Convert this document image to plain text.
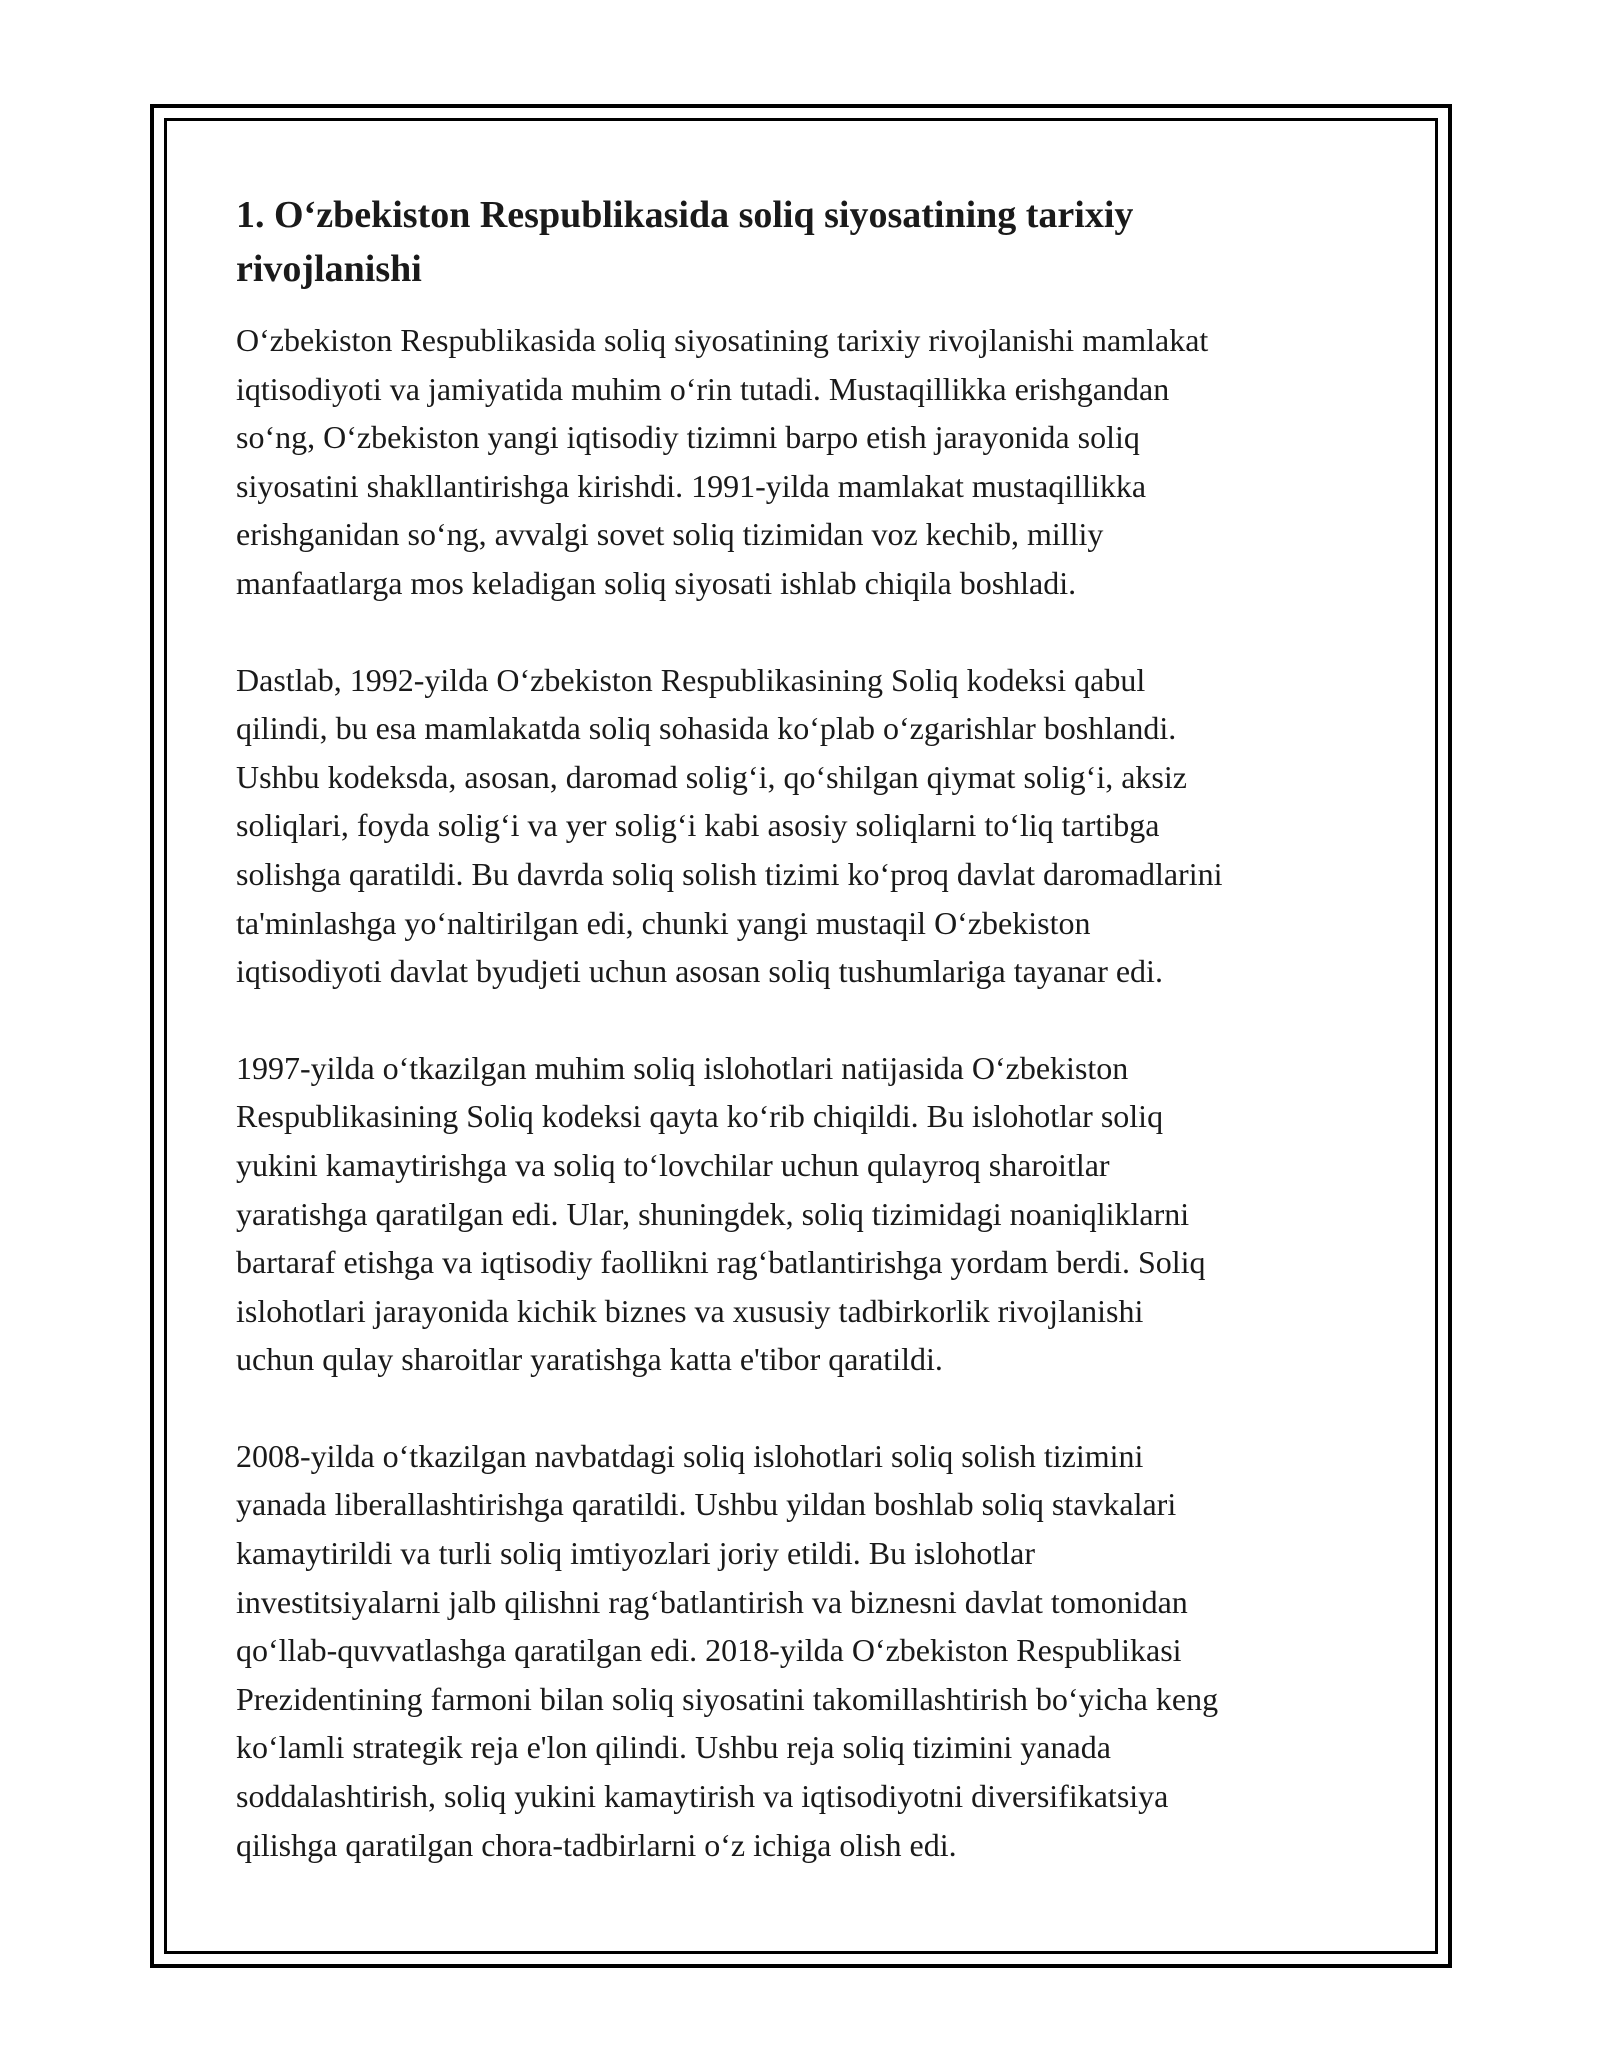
1. O‘zbekiston Respublikasida soliq siyosatining tarixiy
rivojlanishi

O‘zbekiston Respublikasida soliq siyosatining tarixiy rivojlanishi mamlakat
iqtisodiyoti va jamiyatida muhim o‘rin tutadi. Mustaqillikka erishgandan
so‘ng, O‘zbekiston yangi iqtisodiy tizimni barpo etish jarayonida soliq
siyosatini shakllantirishga kirishdi. 1991-yilda mamlakat mustaqillikka
erishganidan so‘ng, avvalgi sovet soliq tizimidan voz kechib, milliy
manfaatlarga mos keladigan soliq siyosati ishlab chiqila boshladi.

Dastlab, 1992-yilda O‘zbekiston Respublikasining Soliq kodeksi qabul
qilindi, bu esa mamlakatda soliq sohasida ko‘plab o‘zgarishlar boshlandi.
Ushbu kodeksda, asosan, daromad solig‘i, qo‘shilgan qiymat solig‘i, aksiz
soliqlari, foyda solig‘i va yer solig‘i kabi asosiy soliqlarni to‘liq tartibga
solishga qaratildi. Bu davrda soliq solish tizimi ko‘proq davlat daromadlarini
ta'minlashga yo‘naltirilgan edi, chunki yangi mustaqil O‘zbekiston
iqtisodiyoti davlat byudjeti uchun asosan soliq tushumlariga tayanar edi.

1997-yilda o‘tkazilgan muhim soliq islohotlari natijasida O‘zbekiston
Respublikasining Soliq kodeksi qayta ko‘rib chiqildi. Bu islohotlar soliq
yukini kamaytirishga va soliq to‘lovchilar uchun qulayroq sharoitlar
yaratishga qaratilgan edi. Ular, shuningdek, soliq tizimidagi noaniqliklarni
bartaraf etishga va iqtisodiy faollikni rag‘batlantirishga yordam berdi. Soliq
islohotlari jarayonida kichik biznes va xususiy tadbirkorlik rivojlanishi
uchun qulay sharoitlar yaratishga katta e'tibor qaratildi.

2008-yilda o‘tkazilgan navbatdagi soliq islohotlari soliq solish tizimini
yanada liberallashtirishga qaratildi. Ushbu yildan boshlab soliq stavkalari
kamaytirildi va turli soliq imtiyozlari joriy etildi. Bu islohotlar
investitsiyalarni jalb qilishni rag‘batlantirish va biznesni davlat tomonidan
qo‘llab-quvvatlashga qaratilgan edi. 2018-yilda O‘zbekiston Respublikasi
Prezidentining farmoni bilan soliq siyosatini takomillashtirish bo‘yicha keng
ko‘lamli strategik reja e'lon qilindi. Ushbu reja soliq tizimini yanada
soddalashtirish, soliq yukini kamaytirish va iqtisodiyotni diversifikatsiya
qilishga qaratilgan chora-tadbirlarni o‘z ichiga olish edi.
